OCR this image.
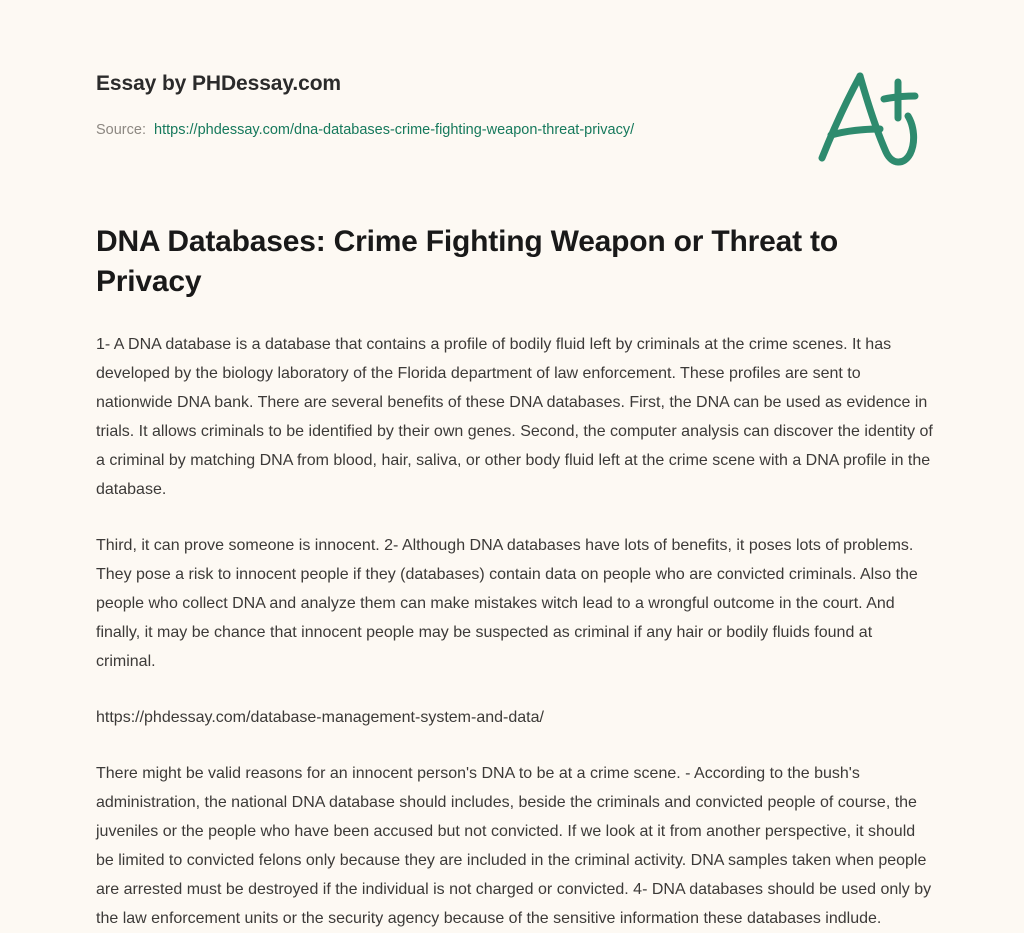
Essay by PHDessay.com
Source: https://phdessay.com/dna-databases-crime-fighting-weapon-threat-privacy/
DNA Databases: Crime Fighting Weapon or Threat to Privacy

1- A DNA database is a database that contains a profile of bodily fluid left by criminals at the crime scenes. It has developed by the biology laboratory of the Florida department of law enforcement. These profiles are sent to nationwide DNA bank. There are several benefits of these DNA databases. First, the DNA can be used as evidence in trials. It allows criminals to be identified by their own genes. Second, the computer analysis can discover the identity of a criminal by matching DNA from blood, hair, saliva, or other body fluid left at the crime scene with a DNA profile in the database.

Third, it can prove someone is innocent. 2- Although DNA databases have lots of benefits, it poses lots of problems. They pose a risk to innocent people if they (databases) contain data on people who are convicted criminals. Also the people who collect DNA and analyze them can make mistakes witch lead to a wrongful outcome in the court. And finally, it may be chance that innocent people may be suspected as criminal if any hair or bodily fluids found at criminal.

https://phdessay.com/database-management-system-and-data/

There might be valid reasons for an innocent person's DNA to be at a crime scene. - According to the bush's administration, the national DNA database should includes, beside the criminals and convicted people of course, the juveniles or the people who have been accused but not convicted. If we look at it from another perspective, it should be limited to convicted felons only because they are included in the criminal activity. DNA samples taken when people are arrested must be destroyed if the individual is not charged or convicted. 4- DNA databases should be used only by the law enforcement units or the security agency because of the sensitive information these databases indlude.
